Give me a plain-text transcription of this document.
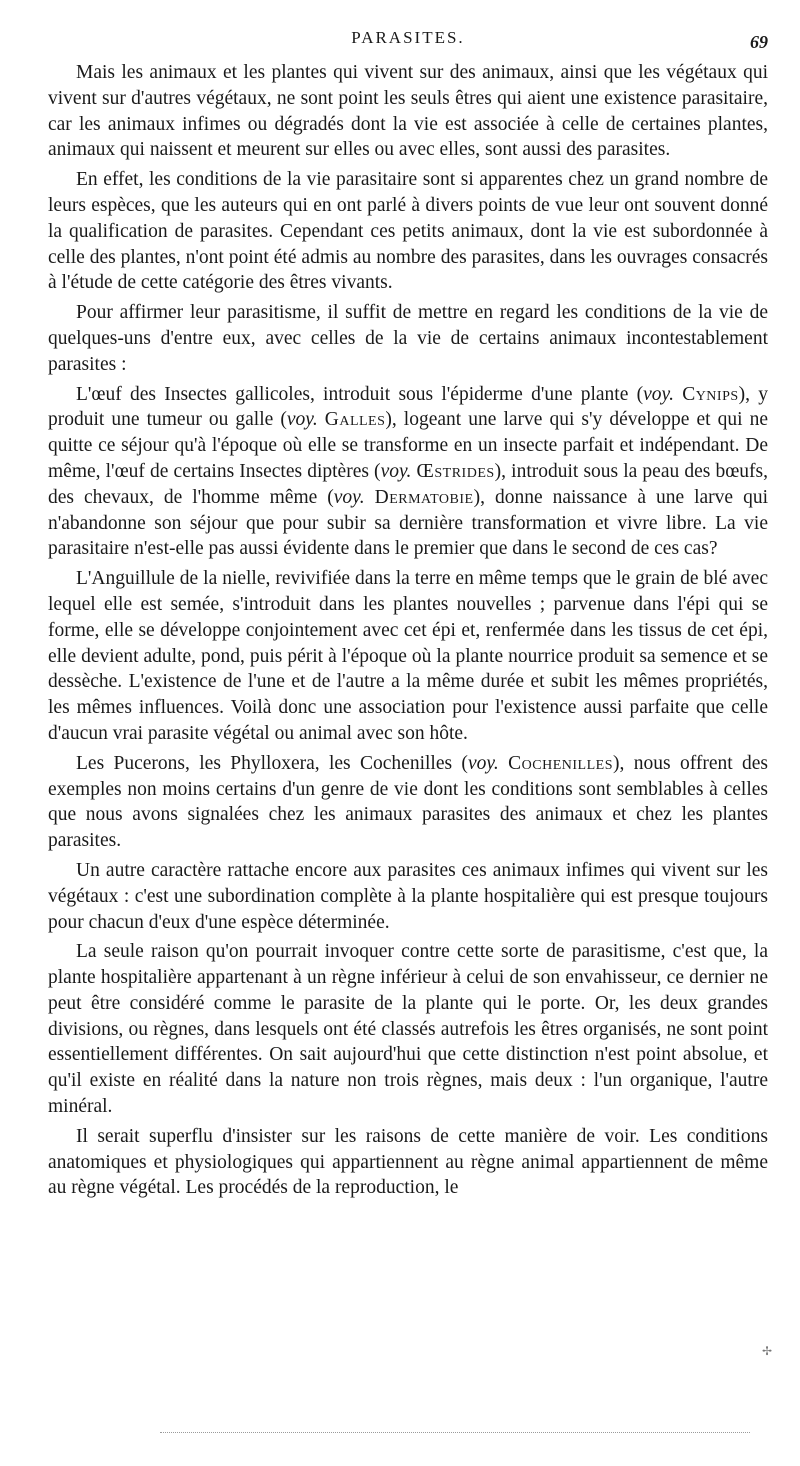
PARASITES.	69

Mais les animaux et les plantes qui vivent sur des animaux, ainsi que les végétaux qui vivent sur d'autres végétaux, ne sont point les seuls êtres qui aient une existence parasitaire, car les animaux infimes ou dégradés dont la vie est associée à celle de certaines plantes, animaux qui naissent et meurent sur elles ou avec elles, sont aussi des parasites.

En effet, les conditions de la vie parasitaire sont si apparentes chez un grand nombre de leurs espèces, que les auteurs qui en ont parlé à divers points de vue leur ont souvent donné la qualification de parasites. Cependant ces petits animaux, dont la vie est subordonnée à celle des plantes, n'ont point été admis au nombre des parasites, dans les ouvrages consacrés à l'étude de cette catégorie des êtres vivants.

Pour affirmer leur parasitisme, il suffit de mettre en regard les conditions de la vie de quelques-uns d'entre eux, avec celles de la vie de certains animaux incontestablement parasites :

L'œuf des Insectes gallicoles, introduit sous l'épiderme d'une plante (voy. Cynips), y produit une tumeur ou galle (voy. Galles), logeant une larve qui s'y développe et qui ne quitte ce séjour qu'à l'époque où elle se transforme en un insecte parfait et indépendant. De même, l'œuf de certains Insectes diptères (voy. Œstrides), introduit sous la peau des bœufs, des chevaux, de l'homme même (voy. Dermatobie), donne naissance à une larve qui n'abandonne son séjour que pour subir sa dernière transformation et vivre libre. La vie parasitaire n'est-elle pas aussi évidente dans le premier que dans le second de ces cas?

L'Anguillule de la nielle, revivifiée dans la terre en même temps que le grain de blé avec lequel elle est semée, s'introduit dans les plantes nouvelles ; parvenue dans l'épi qui se forme, elle se développe conjointement avec cet épi et, renfermée dans les tissus de cet épi, elle devient adulte, pond, puis périt à l'époque où la plante nourrice produit sa semence et se dessèche. L'existence de l'une et de l'autre a la même durée et subit les mêmes propriétés, les mêmes influences. Voilà donc une association pour l'existence aussi parfaite que celle d'aucun vrai parasite végétal ou animal avec son hôte.

Les Pucerons, les Phylloxera, les Cochenilles (voy. Cochenilles), nous offrent des exemples non moins certains d'un genre de vie dont les conditions sont semblables à celles que nous avons signalées chez les animaux parasites des animaux et chez les plantes parasites.

Un autre caractère rattache encore aux parasites ces animaux infimes qui vivent sur les végétaux : c'est une subordination complète à la plante hospitalière qui est presque toujours pour chacun d'eux d'une espèce déterminée.

La seule raison qu'on pourrait invoquer contre cette sorte de parasitisme, c'est que, la plante hospitalière appartenant à un règne inférieur à celui de son envahisseur, ce dernier ne peut être considéré comme le parasite de la plante qui le porte. Or, les deux grandes divisions, ou règnes, dans lesquels ont été classés autrefois les êtres organisés, ne sont point essentiellement différentes. On sait aujourd'hui que cette distinction n'est point absolue, et qu'il existe en réalité dans la nature non trois règnes, mais deux : l'un organique, l'autre minéral.

Il serait superflu d'insister sur les raisons de cette manière de voir. Les conditions anatomiques et physiologiques qui appartiennent au règne animal appartiennent de même au règne végétal. Les procédés de la reproduction, le

✢
